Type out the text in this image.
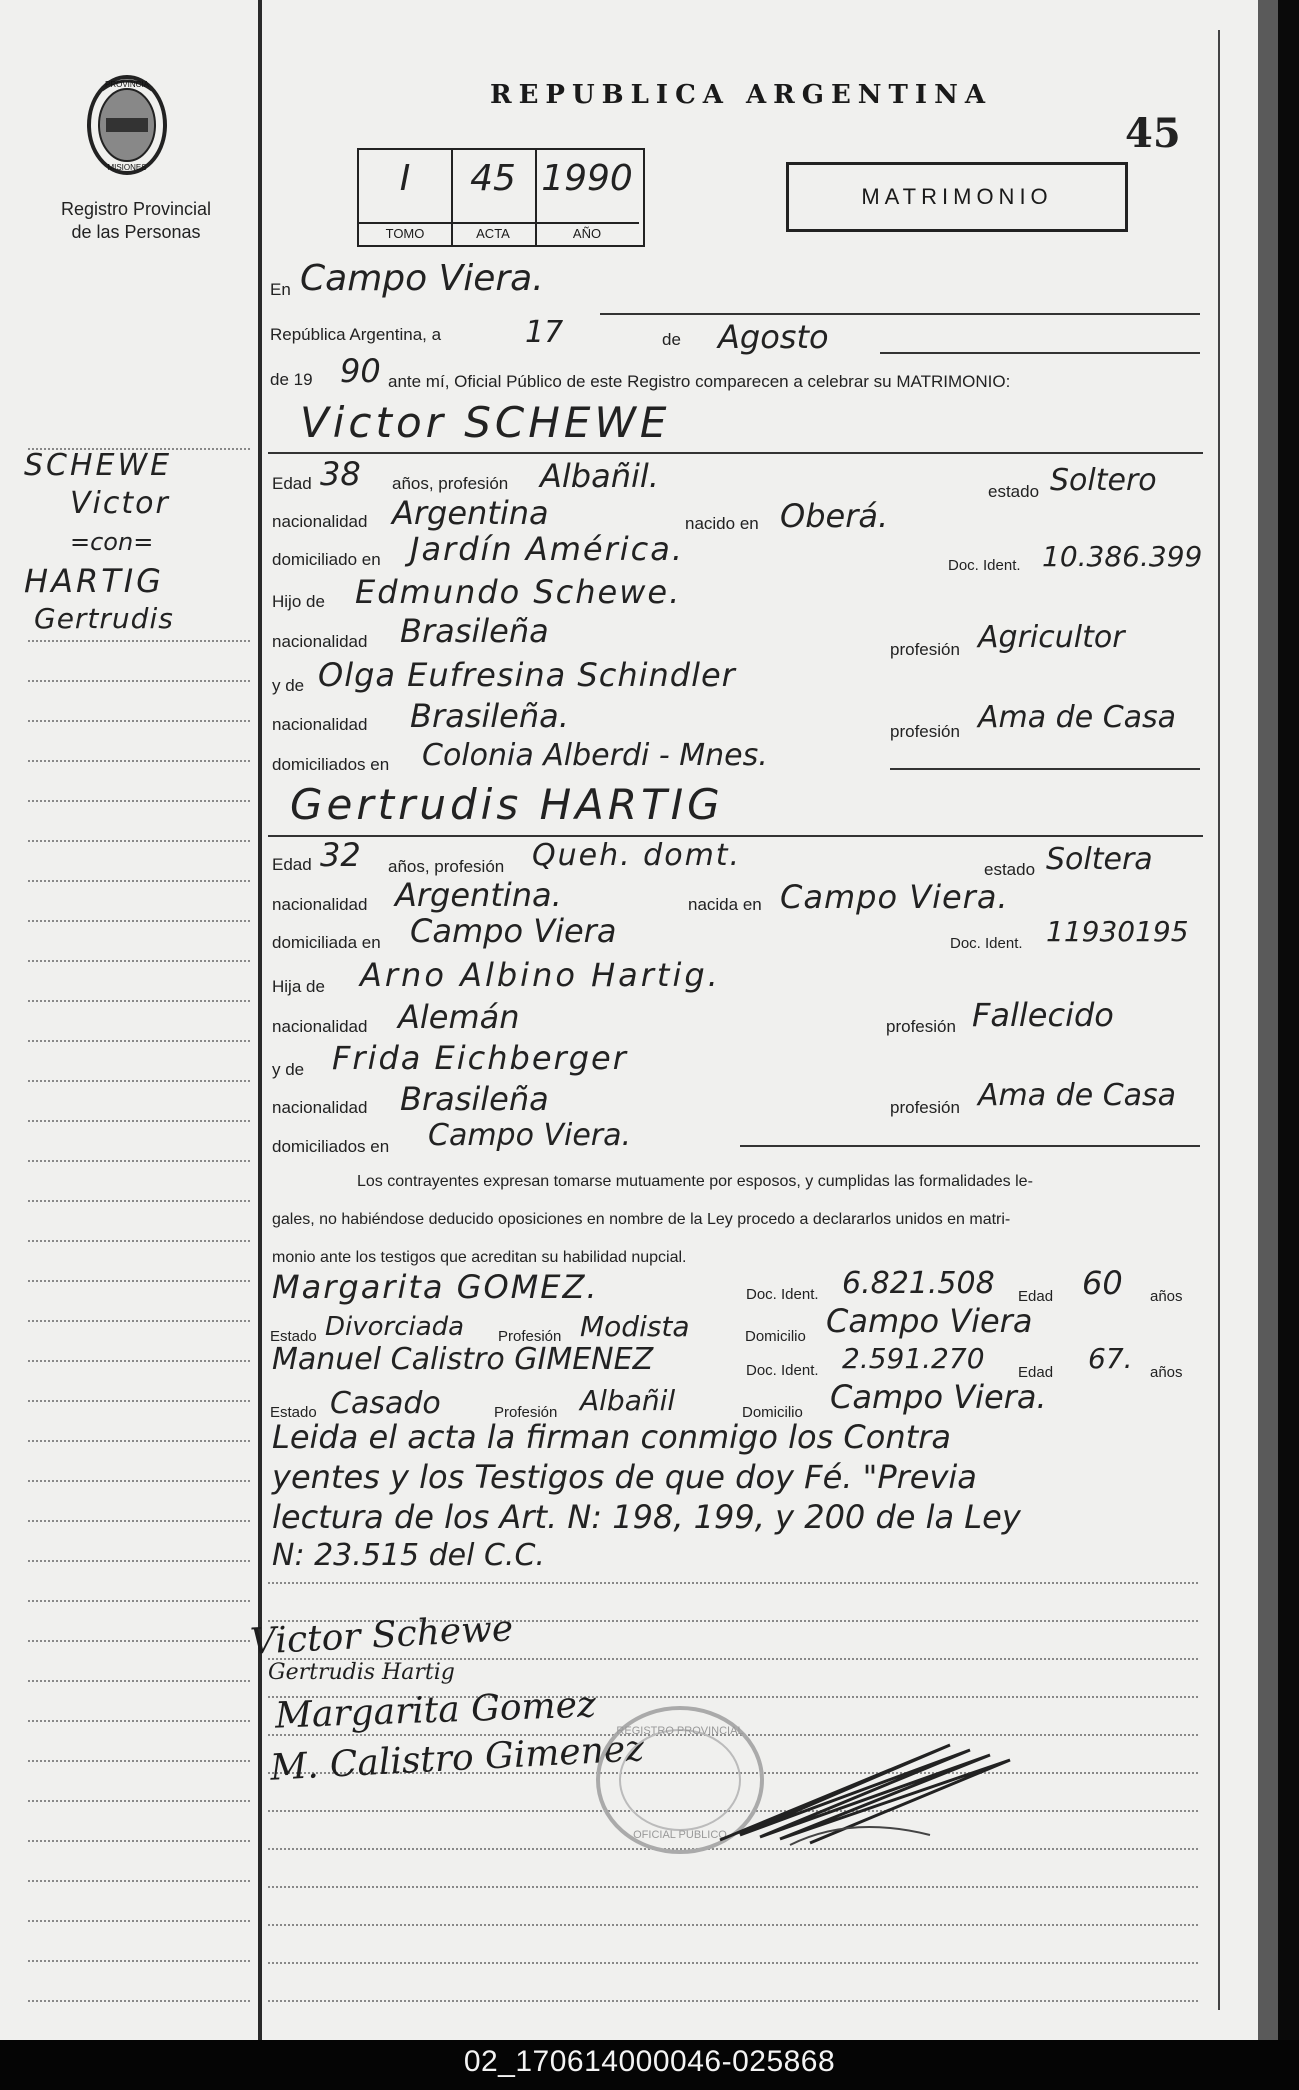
PROVINCIA
MISIONES
Registro Provincial
de las Personas
REPUBLICA ARGENTINA
45
I
TOMO
45
ACTA
1990
AÑO
MATRIMONIO
En Campo Viera.
República Argentina, a	17	de Agosto
de 19 90 ante mí, Oficial Público de este Registro comparecen a celebrar su MATRIMONIO:
Victor SCHEWE
Edad 38 años, profesión Albañil.	estado Soltero
nacionalidad Argentina	nacido en Oberá.
domiciliado en Jardín América.	Doc. Ident. 10.386.399
Hijo de Edmundo Schewe.
nacionalidad Brasileña	profesión Agricultor
y de Olga Eufresina Schindler
nacionalidad Brasileña.	profesión Ama de Casa
domiciliados en Colonia Alberdi - Mnes.
Gertrudis HARTIG
Edad 32 años, profesión Queh. domt.	estado Soltera
nacionalidad Argentina.	nacida en Campo Viera.
domiciliada en Campo Viera	Doc. Ident. 11930195
Hija de Arno Albino Hartig.
nacionalidad Alemán	profesión Fallecido
y de Frida Eichberger
nacionalidad Brasileña	profesión Ama de Casa
domiciliados en Campo Viera.
Los contrayentes expresan tomarse mutuamente por esposos, y cumplidas las formalidades le-
gales, no habiéndose deducido oposiciones en nombre de la Ley procedo a declararlos unidos en matri-
monio ante los testigos que acreditan su habilidad nupcial.
Margarita GOMEZ.	Doc. Ident. 6.821.508 Edad 60 años
Estado Divorciada Profesión Modista	Domicilio Campo Viera
Manuel Calistro GIMENEZ	Doc. Ident. 2.591.270 Edad 67. años
Estado Casado	Profesión Albañil	Domicilio Campo Viera.
Leida el acta la firman conmigo los Contra
yentes y los Testigos de que doy Fé. "Previa
lectura de los Art. N: 198, 199, y 200 de la Ley
N: 23.515 del C.C.
Victor Schewe
Gertrudis Hartig
Margarita Gomez
M. Calistro Gimenez
REGISTRO PROVINCIAL
OFICIAL PUBLICO
SCHEWE
Victor
=con=
HARTIG
Gertrudis
02_170614000046-025868
